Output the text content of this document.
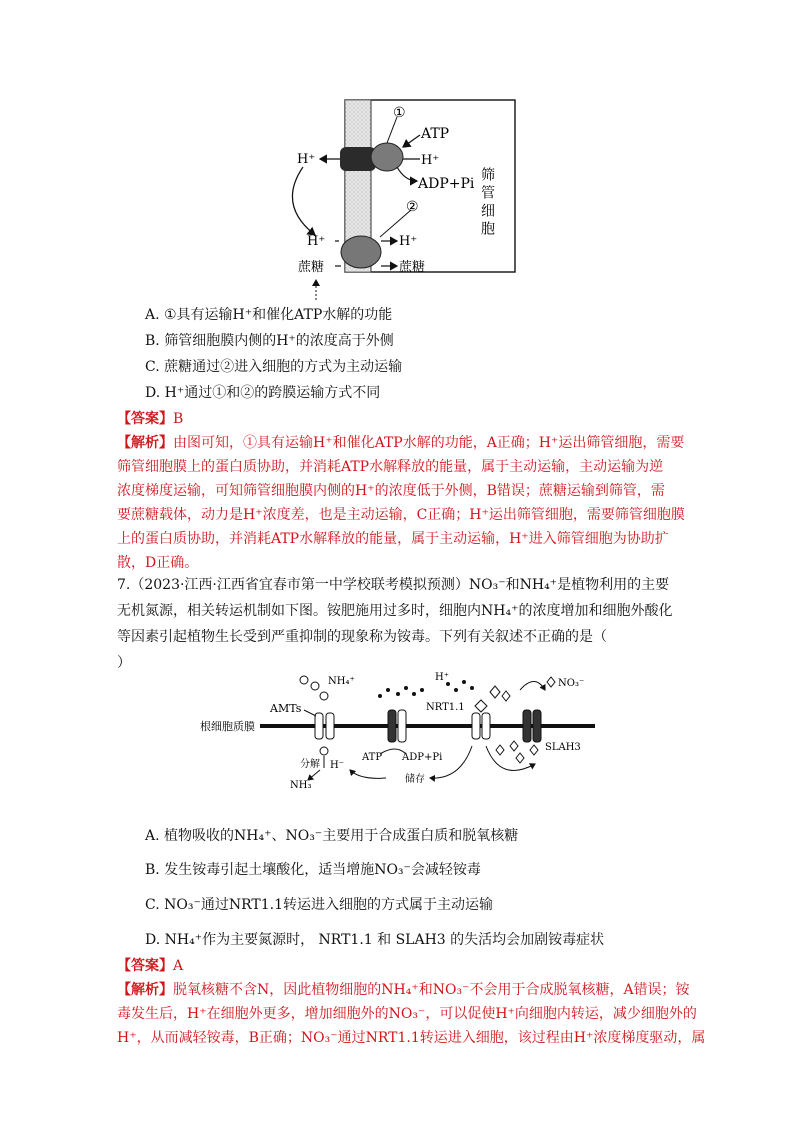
①
②
ATP
H⁺
ADP+Pi
H⁺
H⁺	H⁺
蔗糖	蔗糖
筛管细胞
A. ①具有运输H⁺和催化ATP水解的功能
B. 筛管细胞膜内侧的H⁺的浓度高于外侧
C. 蔗糖通过②进入细胞的方式为主动运输
D. H⁺通过①和②的跨膜运输方式不同
【答案】B
【解析】由图可知，①具有运输H⁺和催化ATP水解的功能，A正确；H⁺运出筛管细胞，需要
筛管细胞膜上的蛋白质协助，并消耗ATP水解释放的能量，属于主动运输，主动运输为逆
浓度梯度运输，可知筛管细胞膜内侧的H⁺的浓度低于外侧，B错误；蔗糖运输到筛管，需
要蔗糖载体，动力是H⁺浓度差，也是主动运输，C正确；H⁺运出筛管细胞，需要筛管细胞膜
上的蛋白质协助，并消耗ATP水解释放的能量，属于主动运输，H⁺进入筛管细胞为协助扩
散，D正确。
7.（2023·江西·江西省宜春市第一中学校联考模拟预测）NO₃⁻和NH₄⁺是植物利用的主要
无机氮源，相关转运机制如下图。铵肥施用过多时，细胞内NH₄⁺的浓度增加和细胞外酸化
等因素引起植物生长受到严重抑制的现象称为铵毒。下列有关叙述不正确的是（
）
根细胞质膜
AMTs
NH₄⁺
分解 H⁻
NH₃
ATP ADP+Pi
H⁺
NRT1.1
SLAH3
NO₃⁻
储存
A. 植物吸收的NH₄⁺、NO₃⁻主要用于合成蛋白质和脱氧核糖
B. 发生铵毒引起土壤酸化，适当增施NO₃⁻会减轻铵毒
C. NO₃⁻通过NRT1.1转运进入细胞的方式属于主动运输
D. NH₄⁺作为主要氮源时， NRT1.1 和 SLAH3 的失活均会加剧铵毒症状
【答案】A
【解析】脱氧核糖不含N，因此植物细胞的NH₄⁺和NO₃⁻不会用于合成脱氧核糖，A错误；铵
毒发生后，H⁺在细胞外更多，增加细胞外的NO₃⁻，可以促使H⁺向细胞内转运，减少细胞外的
H⁺，从而减轻铵毒，B正确；NO₃⁻通过NRT1.1转运进入细胞，该过程由H⁺浓度梯度驱动，属
